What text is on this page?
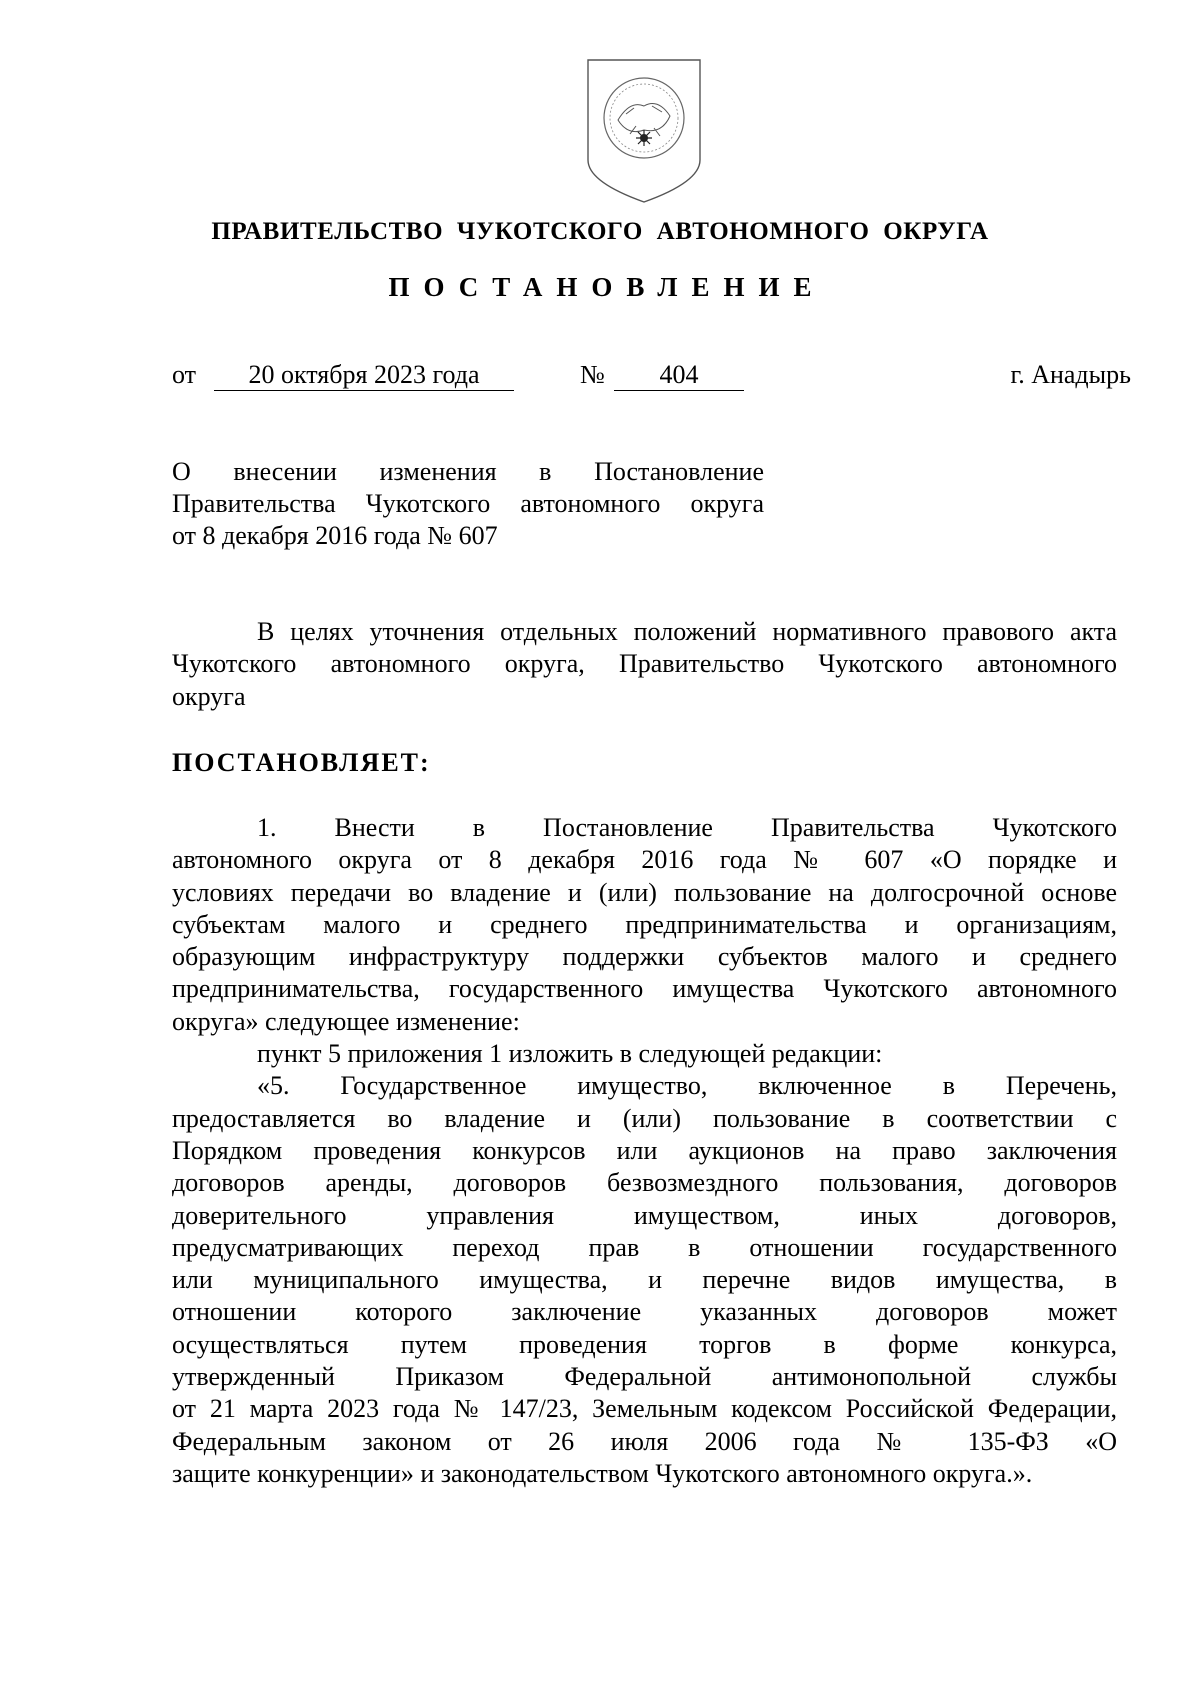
ПРАВИТЕЛЬСТВО  ЧУКОТСКОГО  АВТОНОМНОГО  ОКРУГА
ПОСТАНОВЛЕНИЕ
от	20 октября 2023 года	№	404	г. Анадырь
О внесении изменения в Постановление
Правительства Чукотского автономного округа
от 8 декабря 2016 года № 607
В целях уточнения отдельных положений нормативного правового акта
Чукотского автономного округа, Правительство Чукотского автономного
округа
ПОСТАНОВЛЯЕТ:
1. Внести в Постановление Правительства Чукотского
автономного округа от 8 декабря 2016 года № 607 «О порядке и
условиях передачи во владение и (или) пользование на долгосрочной основе
субъектам малого и среднего предпринимательства и организациям,
образующим инфраструктуру поддержки субъектов малого и среднего
предпринимательства, государственного имущества Чукотского автономного
округа» следующее изменение:
пункт 5 приложения 1 изложить в следующей редакции:
«5. Государственное имущество, включенное в Перечень,
предоставляется во владение и (или) пользование в соответствии с
Порядком проведения конкурсов или аукционов на право заключения
договоров аренды, договоров безвозмездного пользования, договоров
доверительного управления имуществом, иных договоров,
предусматривающих переход прав в отношении государственного
или муниципального имущества, и перечне видов имущества, в
отношении которого заключение указанных договоров может
осуществляться путем проведения торгов в форме конкурса,
утвержденный Приказом Федеральной антимонопольной службы
от 21 марта 2023 года № 147/23, Земельным кодексом Российской Федерации,
Федеральным законом от 26 июля 2006 года № 135-ФЗ «О
защите конкуренции» и законодательством Чукотского автономного округа.».
